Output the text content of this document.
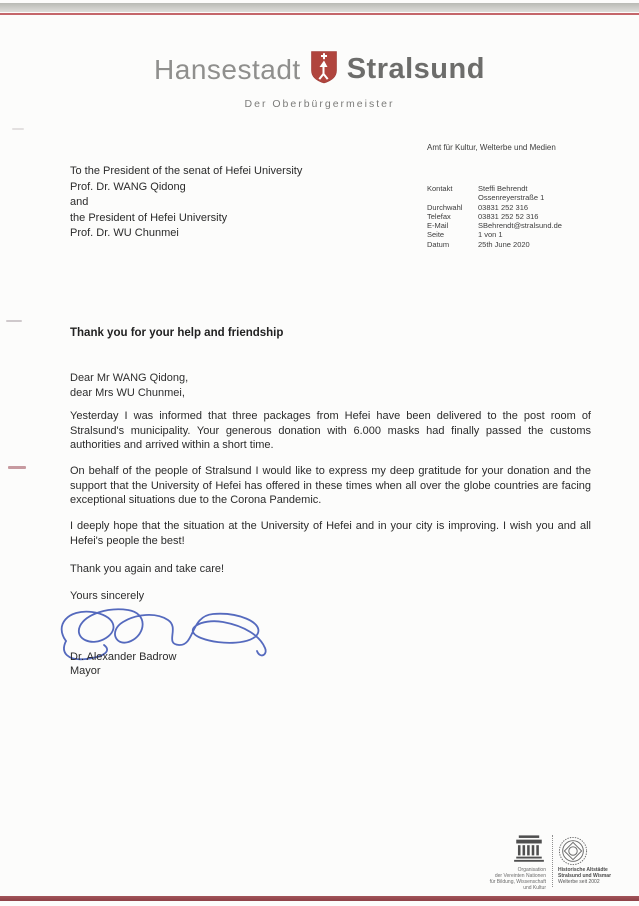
Hansestadt Stralsund
Der Oberbürgermeister
Amt für Kultur, Welterbe und Medien
To the President of the senat of Hefei University
Prof. Dr. WANG Qidong
and
the President of Hefei University
Prof. Dr. WU Chunmei
Kontakt	Steffi Behrendt
Ossenreyerstraße 1
Durchwahl	03831 252 316
Telefax	03831 252 52 316
E-Mail	SBehrendt@stralsund.de
Seite	1 von 1
Datum	25th June 2020
Thank you for your help and friendship
Dear Mr WANG Qidong,
dear Mrs WU Chunmei,
Yesterday I was informed that three packages from Hefei have been delivered to the post room of Stralsund's municipality. Your generous donation with 6.000 masks had finally passed the customs authorities and arrived within a short time.
On behalf of the people of Stralsund I would like to express my deep gratitude for your donation and the support that the University of Hefei has offered in these times when all over the globe countries are facing exceptional situations due to the Corona Pandemic.
I deeply hope that the situation at the University of Hefei and in your city is improving. I wish you and all Hefei's people the best!
Thank you again and take care!
Yours sincerely
Dr. Alexander Badrow
Mayor
Organisation
der Vereinten Nationen
für Bildung, Wissenschaft
und Kultur
Historische Altstädte
Stralsund und Wismar
Welterbe seit 2002
